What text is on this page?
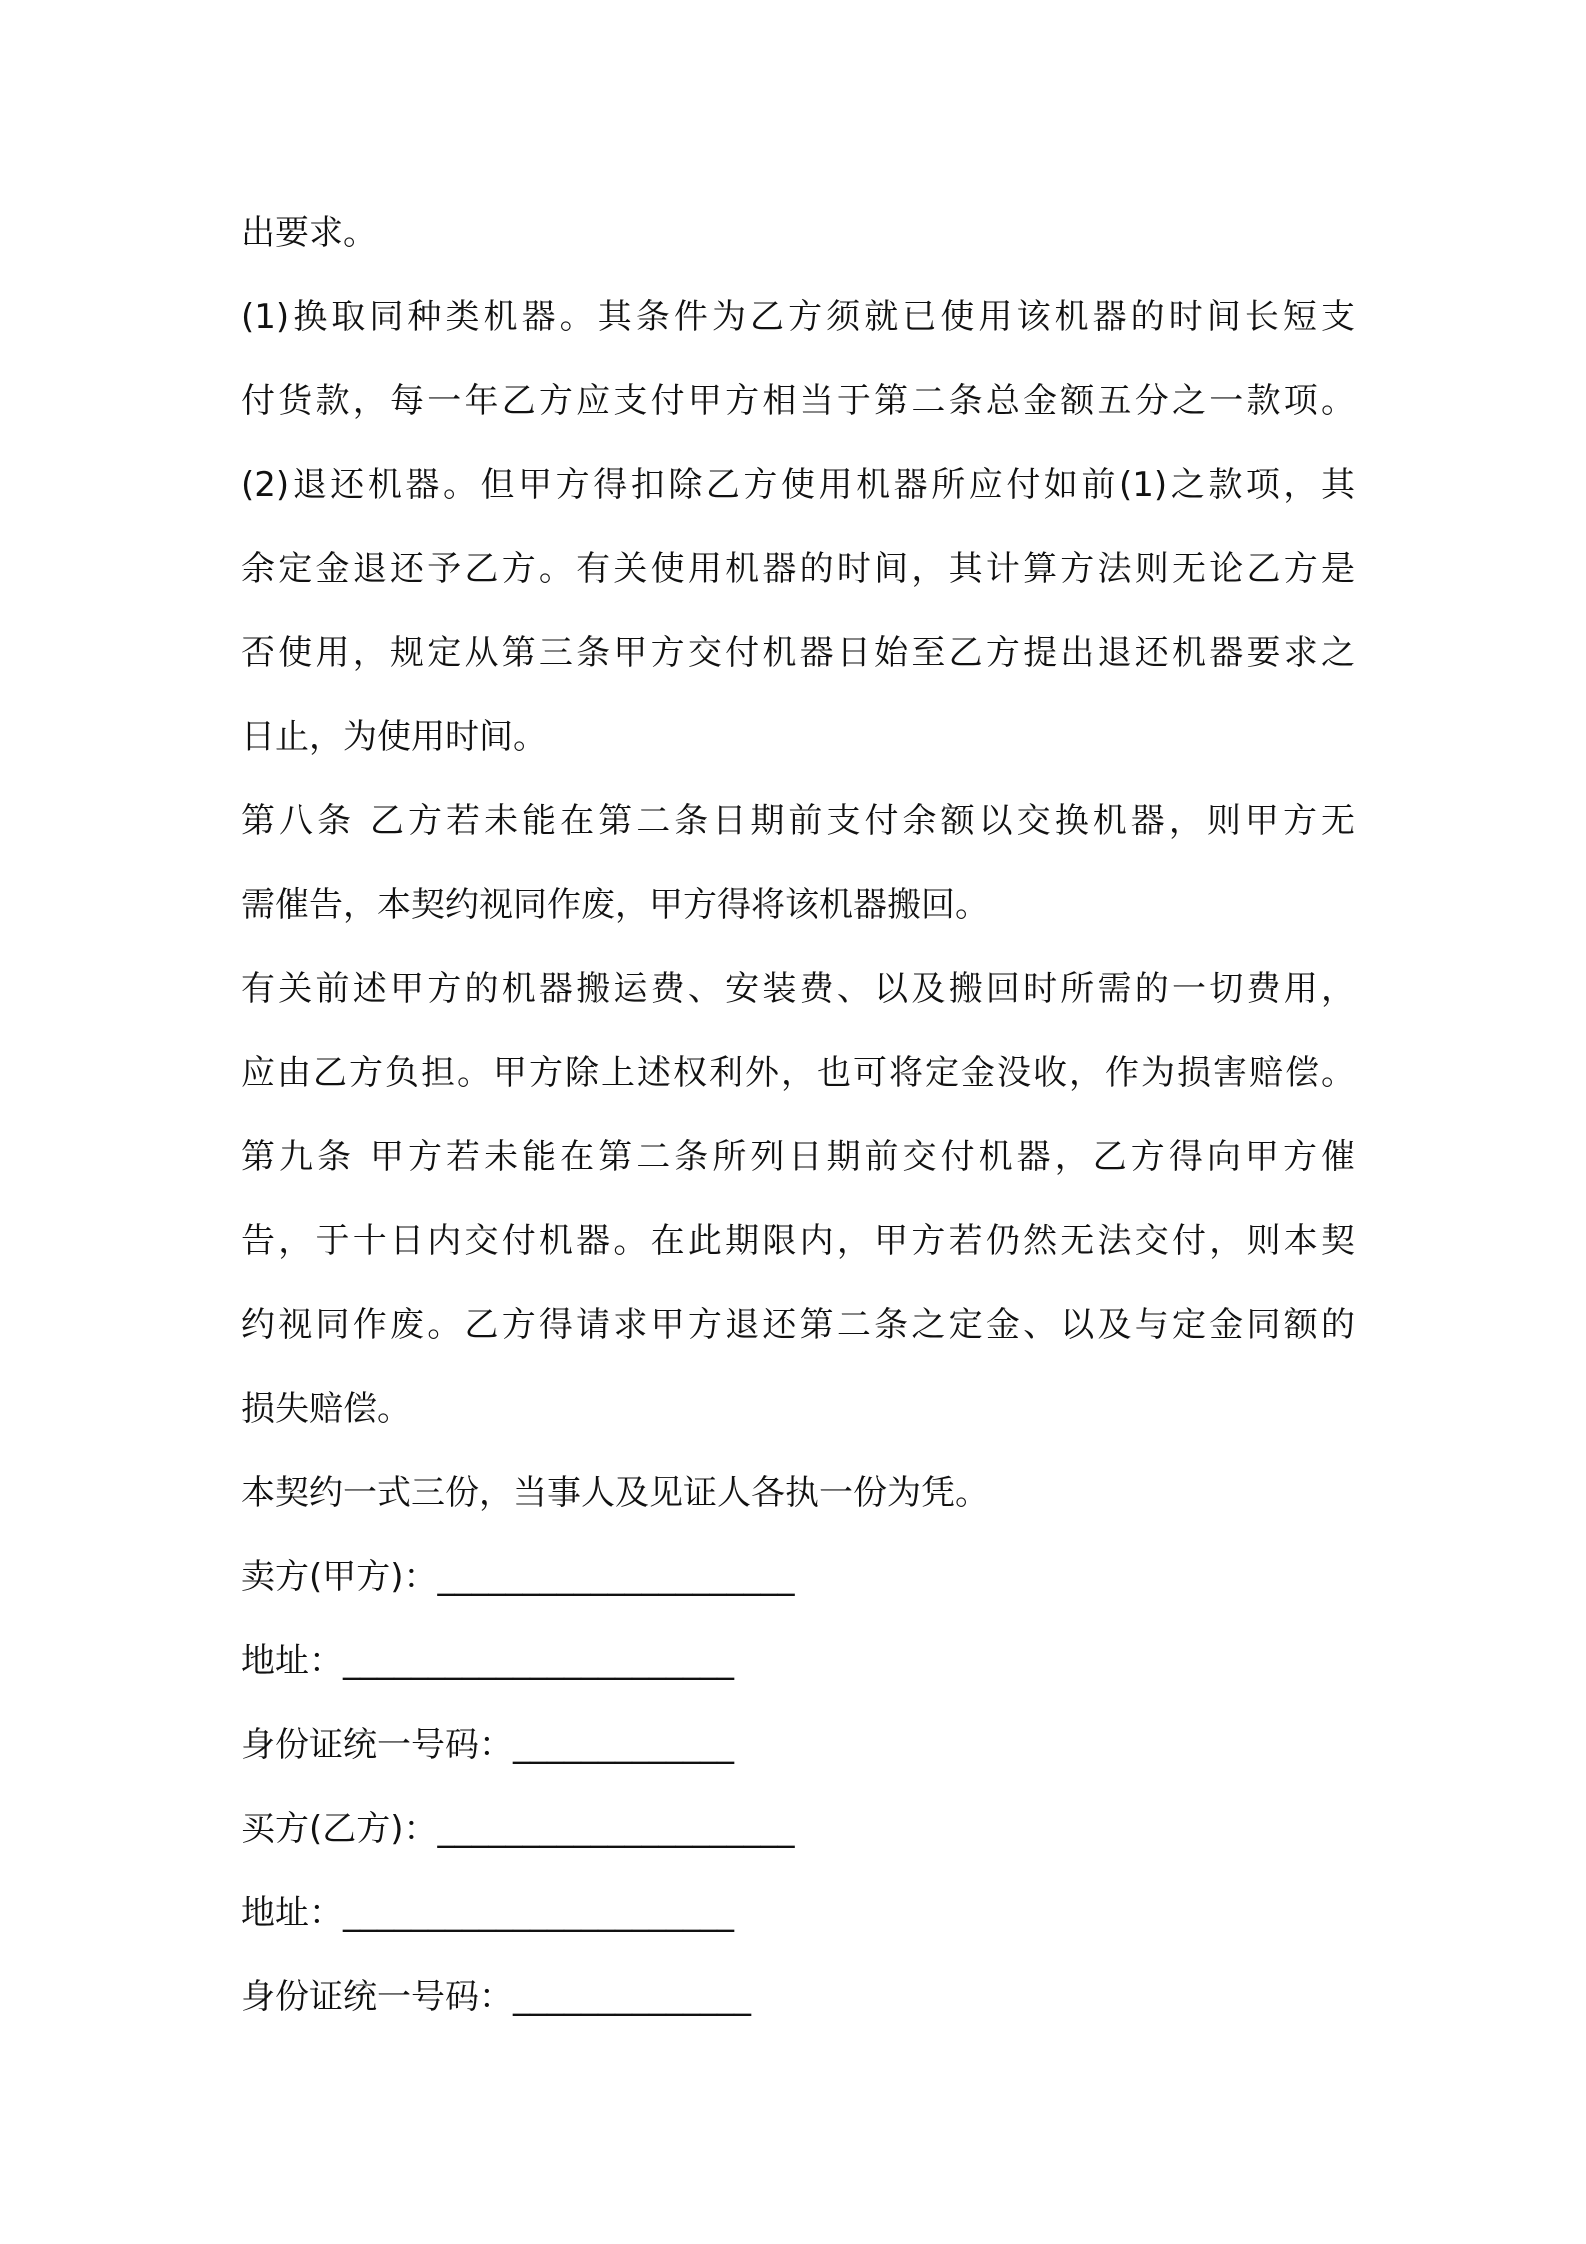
出要求。
(1)换取同种类机器。其条件为乙方须就已使用该机器的时间长短支
付货款，每一年乙方应支付甲方相当于第二条总金额五分之一款项。
(2)退还机器。但甲方得扣除乙方使用机器所应付如前(1)之款项，其
余定金退还予乙方。有关使用机器的时间，其计算方法则无论乙方是
否使用，规定从第三条甲方交付机器日始至乙方提出退还机器要求之
日止，为使用时间。
第八条 乙方若未能在第二条日期前支付余额以交换机器，则甲方无
需催告，本契约视同作废，甲方得将该机器搬回。
有关前述甲方的机器搬运费、安装费、以及搬回时所需的一切费用，
应由乙方负担。甲方除上述权利外，也可将定金没收，作为损害赔偿。
第九条 甲方若未能在第二条所列日期前交付机器，乙方得向甲方催
告，于十日内交付机器。在此期限内，甲方若仍然无法交付，则本契
约视同作废。乙方得请求甲方退还第二条之定金、以及与定金同额的
损失赔偿。
本契约一式三份，当事人及见证人各执一份为凭。
卖方(甲方)：_____________________
地址：_______________________
身份证统一号码：_____________
买方(乙方)：_____________________
地址：_______________________
身份证统一号码：______________
